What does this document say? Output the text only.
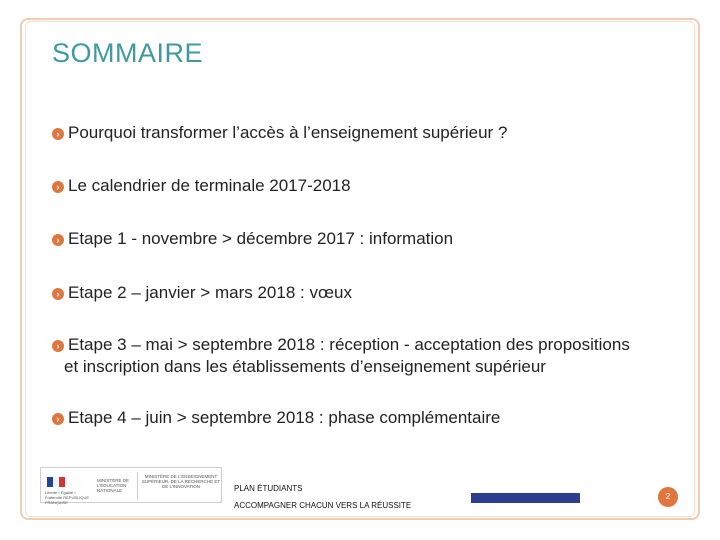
SOMMAIRE
› Pourquoi transformer l’accès à l’enseignement supérieur ?
› Le calendrier de terminale 2017-2018
› Etape 1 - novembre > décembre 2017 : information
› Etape 2 – janvier > mars 2018 : vœux
› Etape 3 – mai > septembre 2018 : réception - acceptation des propositions
et inscription dans les établissements d’enseignement supérieur
› Etape 4 – juin > septembre 2018 : phase complémentaire
Liberté • Égalité • Fraternité RÉPUBLIQUE FRANÇAISE
MINISTÈRE DE L’ÉDUCATION NATIONALE
MINISTÈRE DE L’ENSEIGNEMENT SUPÉRIEUR, DE LA RECHERCHE ET DE L’INNOVATION	PLAN ÉTUDIANTS
ACCOMPAGNER CHACUN VERS LA RÉUSSITE
2
